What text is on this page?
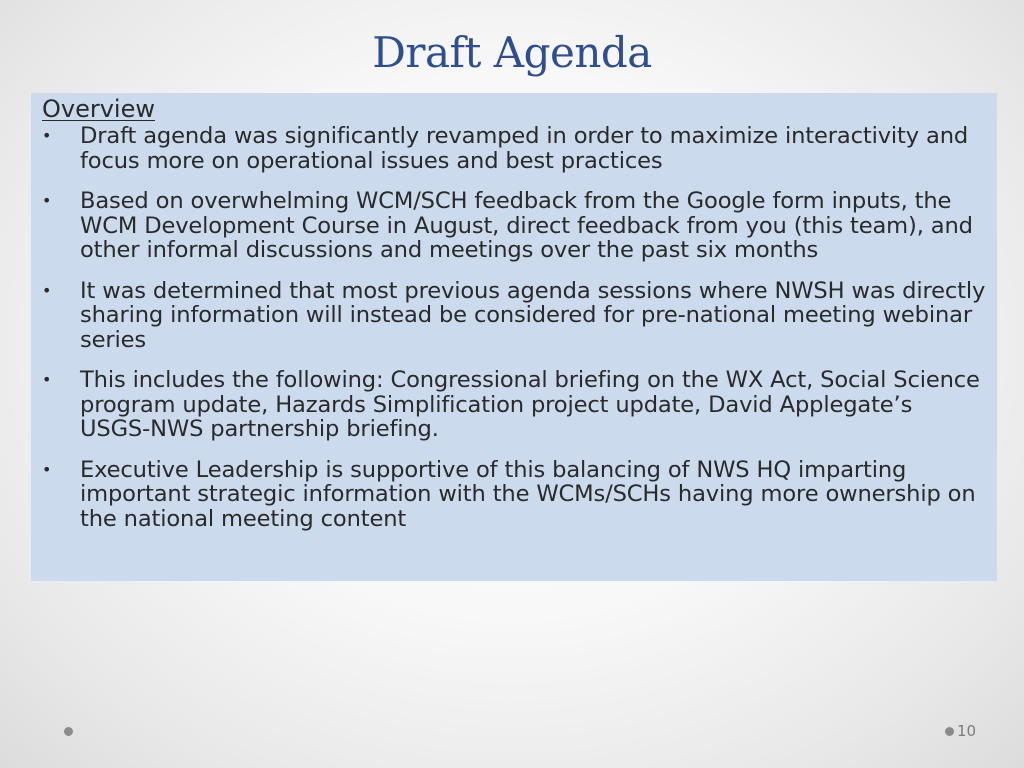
Draft Agenda
Overview
•	Draft agenda was significantly revamped in order to maximize interactivity and focus more on operational issues and best practices
•	Based on overwhelming WCM/SCH feedback from the Google form inputs, the WCM Development Course in August, direct feedback from you (this team), and other informal discussions and meetings over the past six months
•	It was determined that most previous agenda sessions where NWSH was directly sharing information will instead be considered for pre-national meeting webinar series
•	This includes the following: Congressional briefing on the WX Act, Social Science program update, Hazards Simplification project update, David Applegate’s USGS-NWS partnership briefing.
•	Executive Leadership is supportive of this balancing of NWS HQ imparting important strategic information with the WCMs/SCHs having more ownership on the national meeting content
10
